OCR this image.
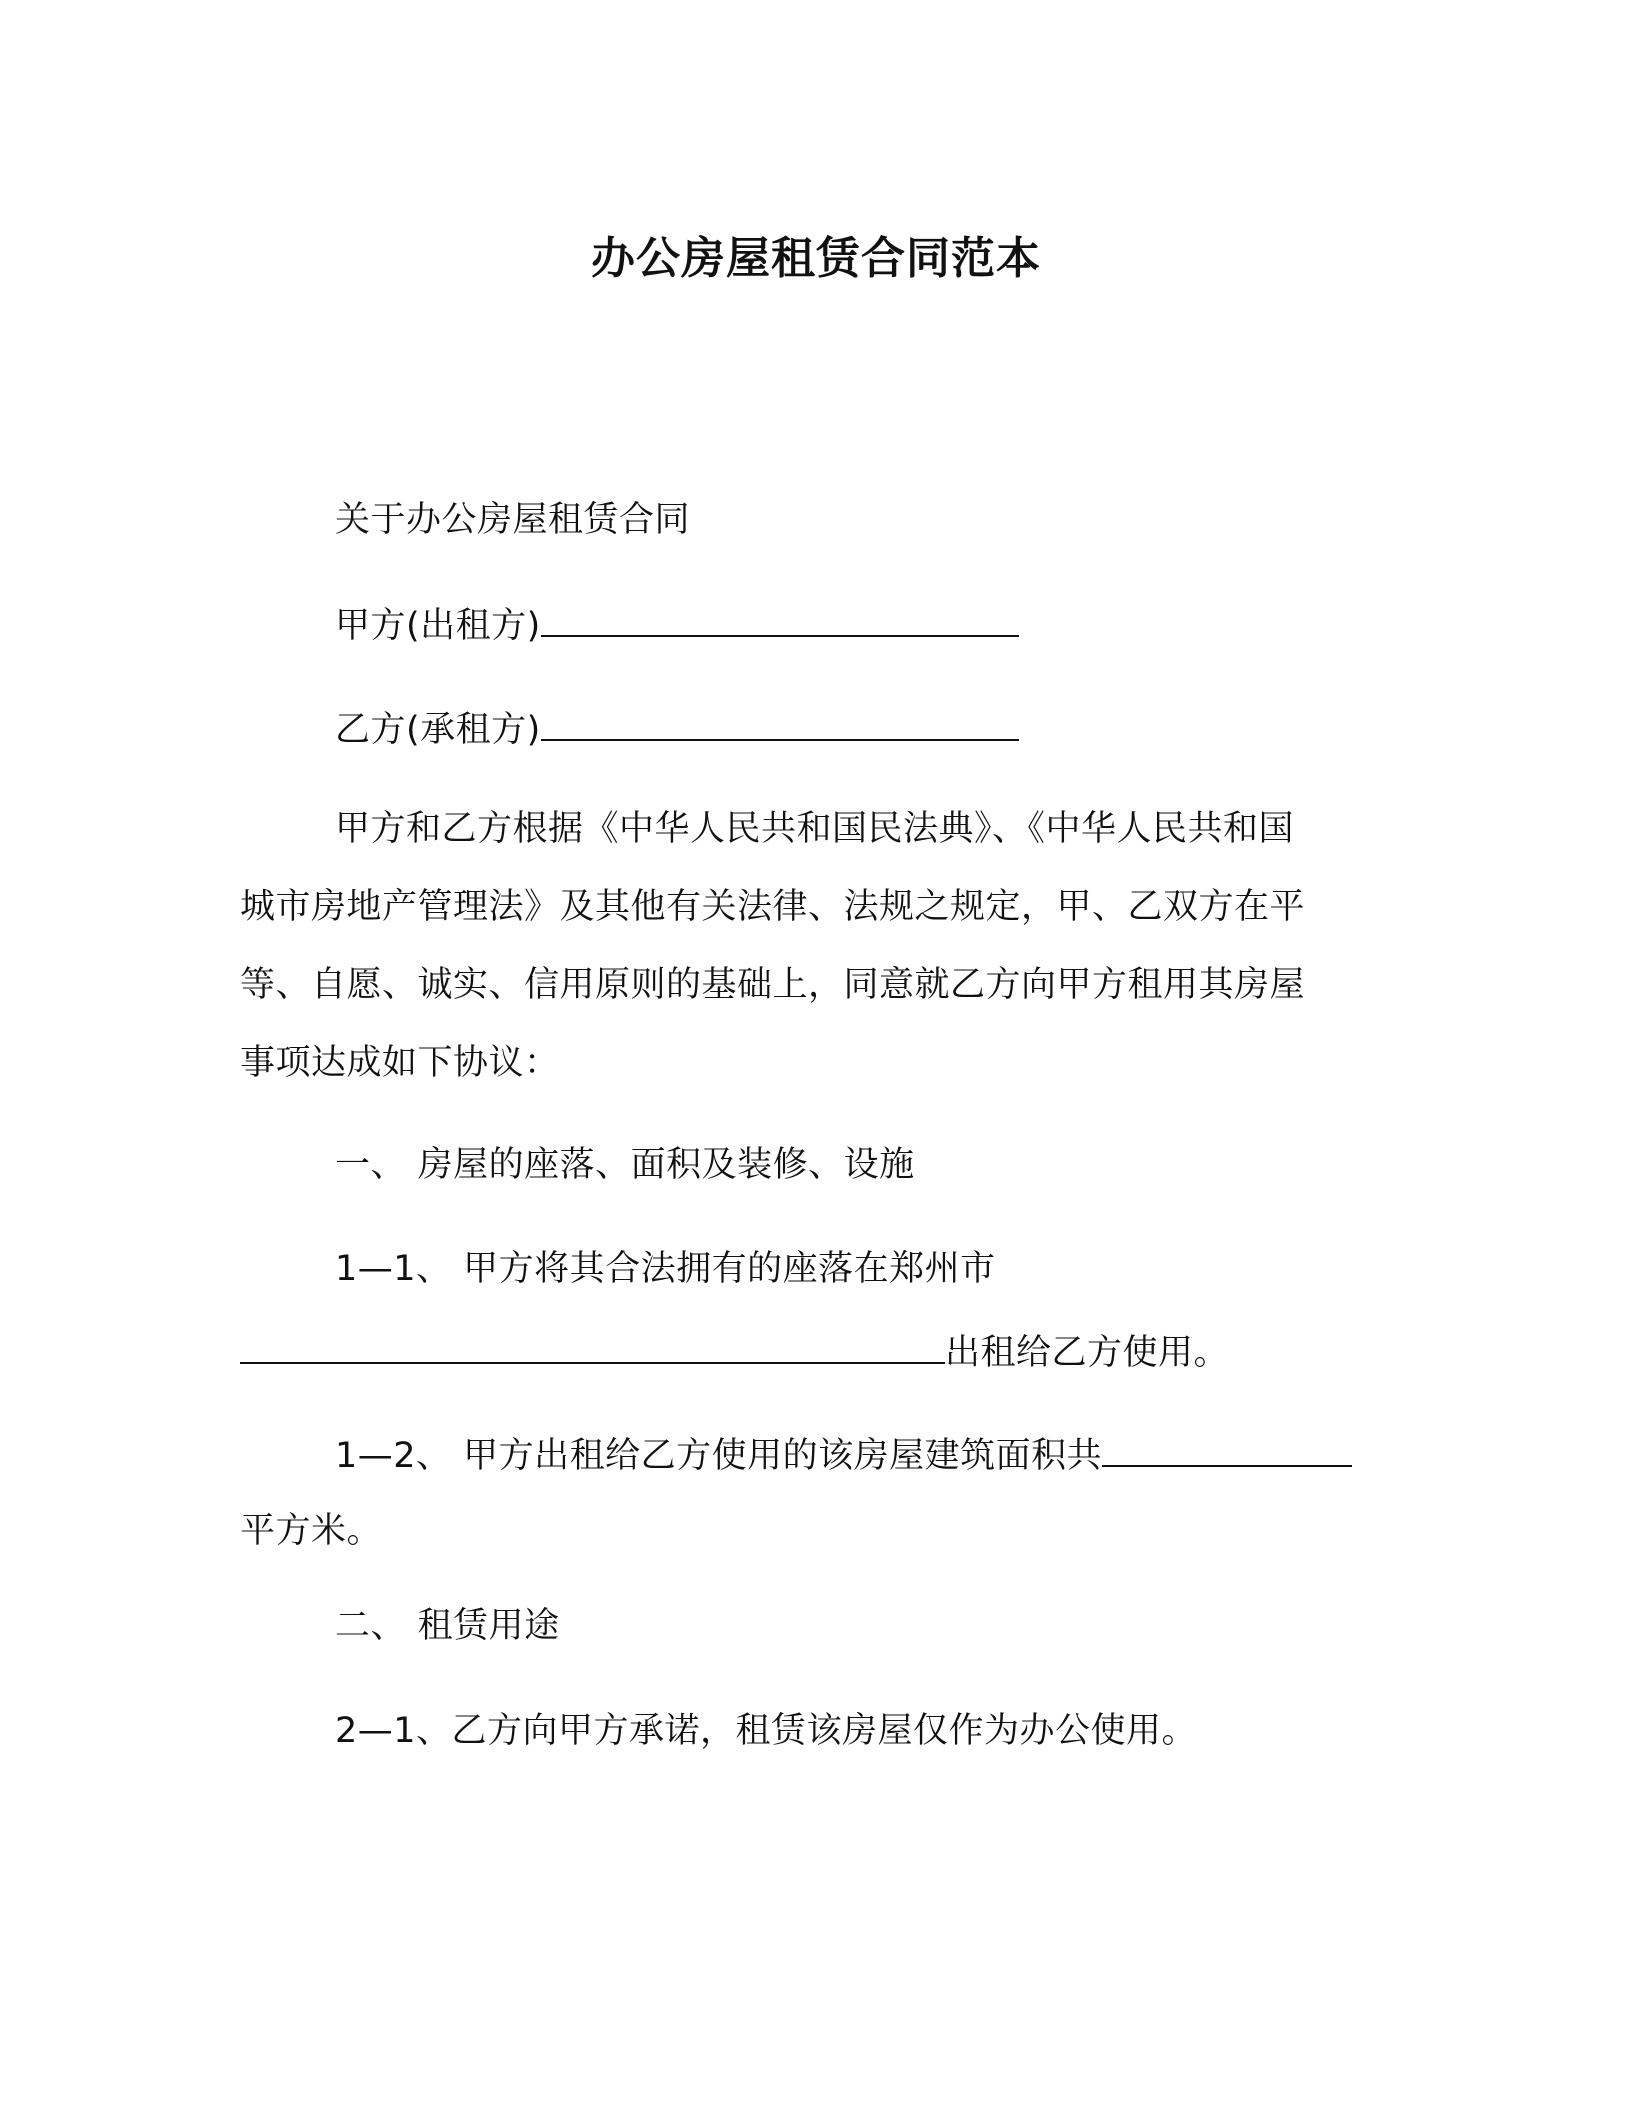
办公房屋租赁合同范本
关于办公房屋租赁合同
甲方(出租方)
乙方(承租方)
甲方和乙方根据《中华人民共和国民法典》、《中华人民共和国
城市房地产管理法》及其他有关法律、法规之规定，甲、乙双方在平
等、自愿、诚实、信用原则的基础上，同意就乙方向甲方租用其房屋
事项达成如下协议：
一、 房屋的座落、面积及装修、设施
1—1、 甲方将其合法拥有的座落在郑州市
出租给乙方使用。
1—2、 甲方出租给乙方使用的该房屋建筑面积共
平方米。
二、 租赁用途
2—1、乙方向甲方承诺，租赁该房屋仅作为办公使用。
